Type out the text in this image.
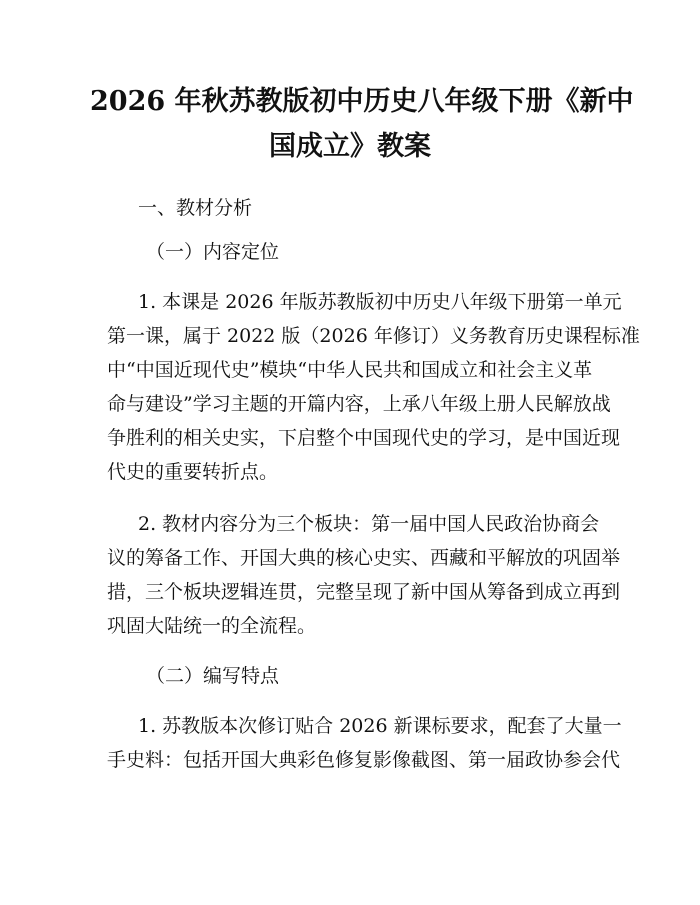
2026 年秋苏教版初中历史八年级下册《新中
国成立》教案

一、教材分析

（一）内容定位

1. 本课是 2026 年版苏教版初中历史八年级下册第一单元

第一课，属于 2022 版（2026 年修订）义务教育历史课程标准

中“中国近现代史”模块“中华人民共和国成立和社会主义革

命与建设”学习主题的开篇内容，上承八年级上册人民解放战

争胜利的相关史实，下启整个中国现代史的学习，是中国近现

代史的重要转折点。

2. 教材内容分为三个板块：第一届中国人民政治协商会

议的筹备工作、开国大典的核心史实、西藏和平解放的巩固举

措，三个板块逻辑连贯，完整呈现了新中国从筹备到成立再到

巩固大陆统一的全流程。

（二）编写特点

1. 苏教版本次修订贴合 2026 新课标要求，配套了大量一

手史料：包括开国大典彩色修复影像截图、第一届政协参会代
